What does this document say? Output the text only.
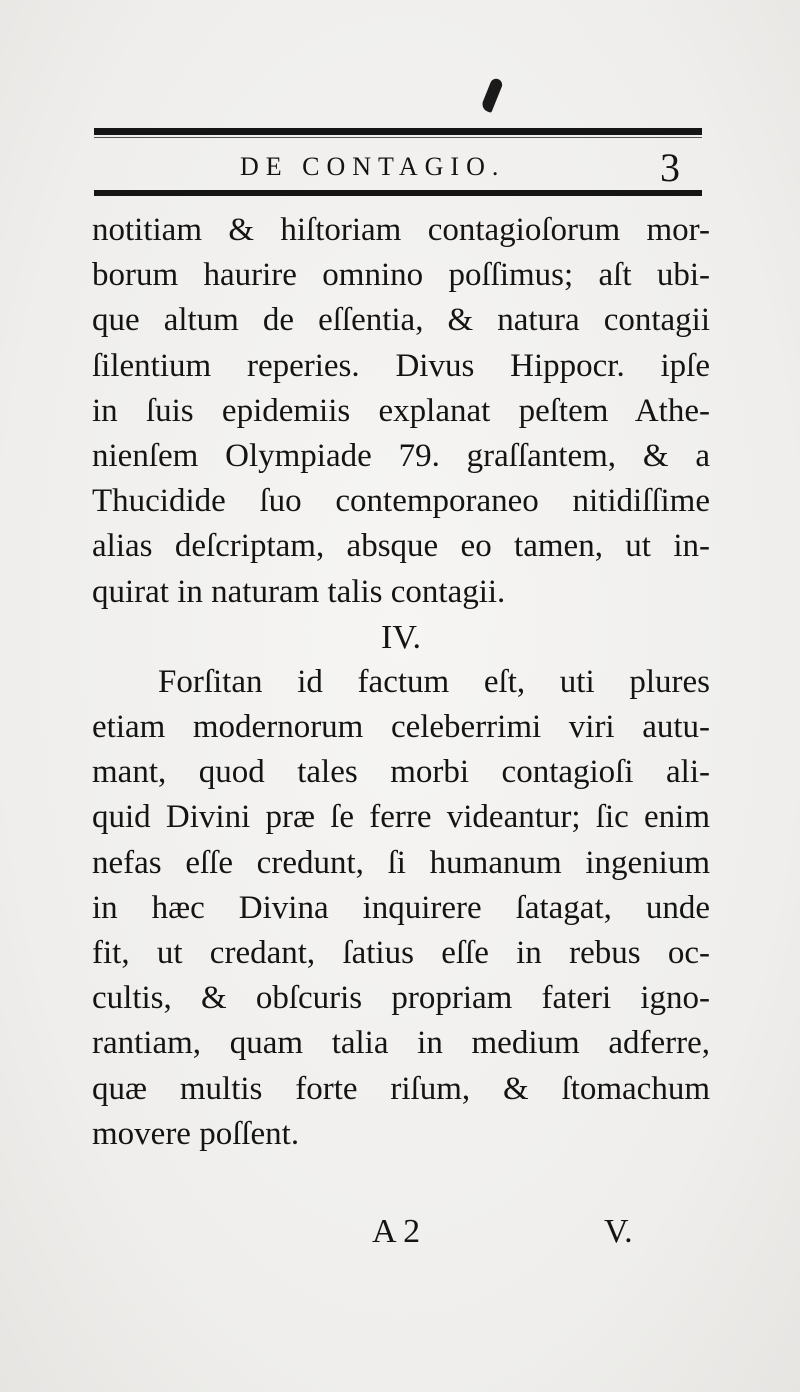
DE CONTAGIO.	3
notitiam & hiſtoriam contagioſorum mor-
borum haurire omnino poſſimus; aſt ubi-
que altum de eſſentia, & natura contagii
ſilentium reperies. Divus Hippocr. ipſe
in ſuis epidemiis explanat peſtem Athe-
nienſem Olympiade 79. graſſantem, & a
Thucidide ſuo contemporaneo nitidiſſime
alias deſcriptam, absque eo tamen, ut in-
quirat in naturam talis contagii.
IV.
Forſitan id factum eſt, uti plures
etiam modernorum celeberrimi viri autu-
mant, quod tales morbi contagioſi ali-
quid Divini præ ſe ferre videantur; ſic enim
nefas eſſe credunt, ſi humanum ingenium
in hæc Divina inquirere ſatagat, unde
fit, ut credant, ſatius eſſe in rebus oc-
cultis, & obſcuris propriam fateri igno-
rantiam, quam talia in medium adferre,
quæ multis forte riſum, & ſtomachum
movere poſſent.
A 2	V.
